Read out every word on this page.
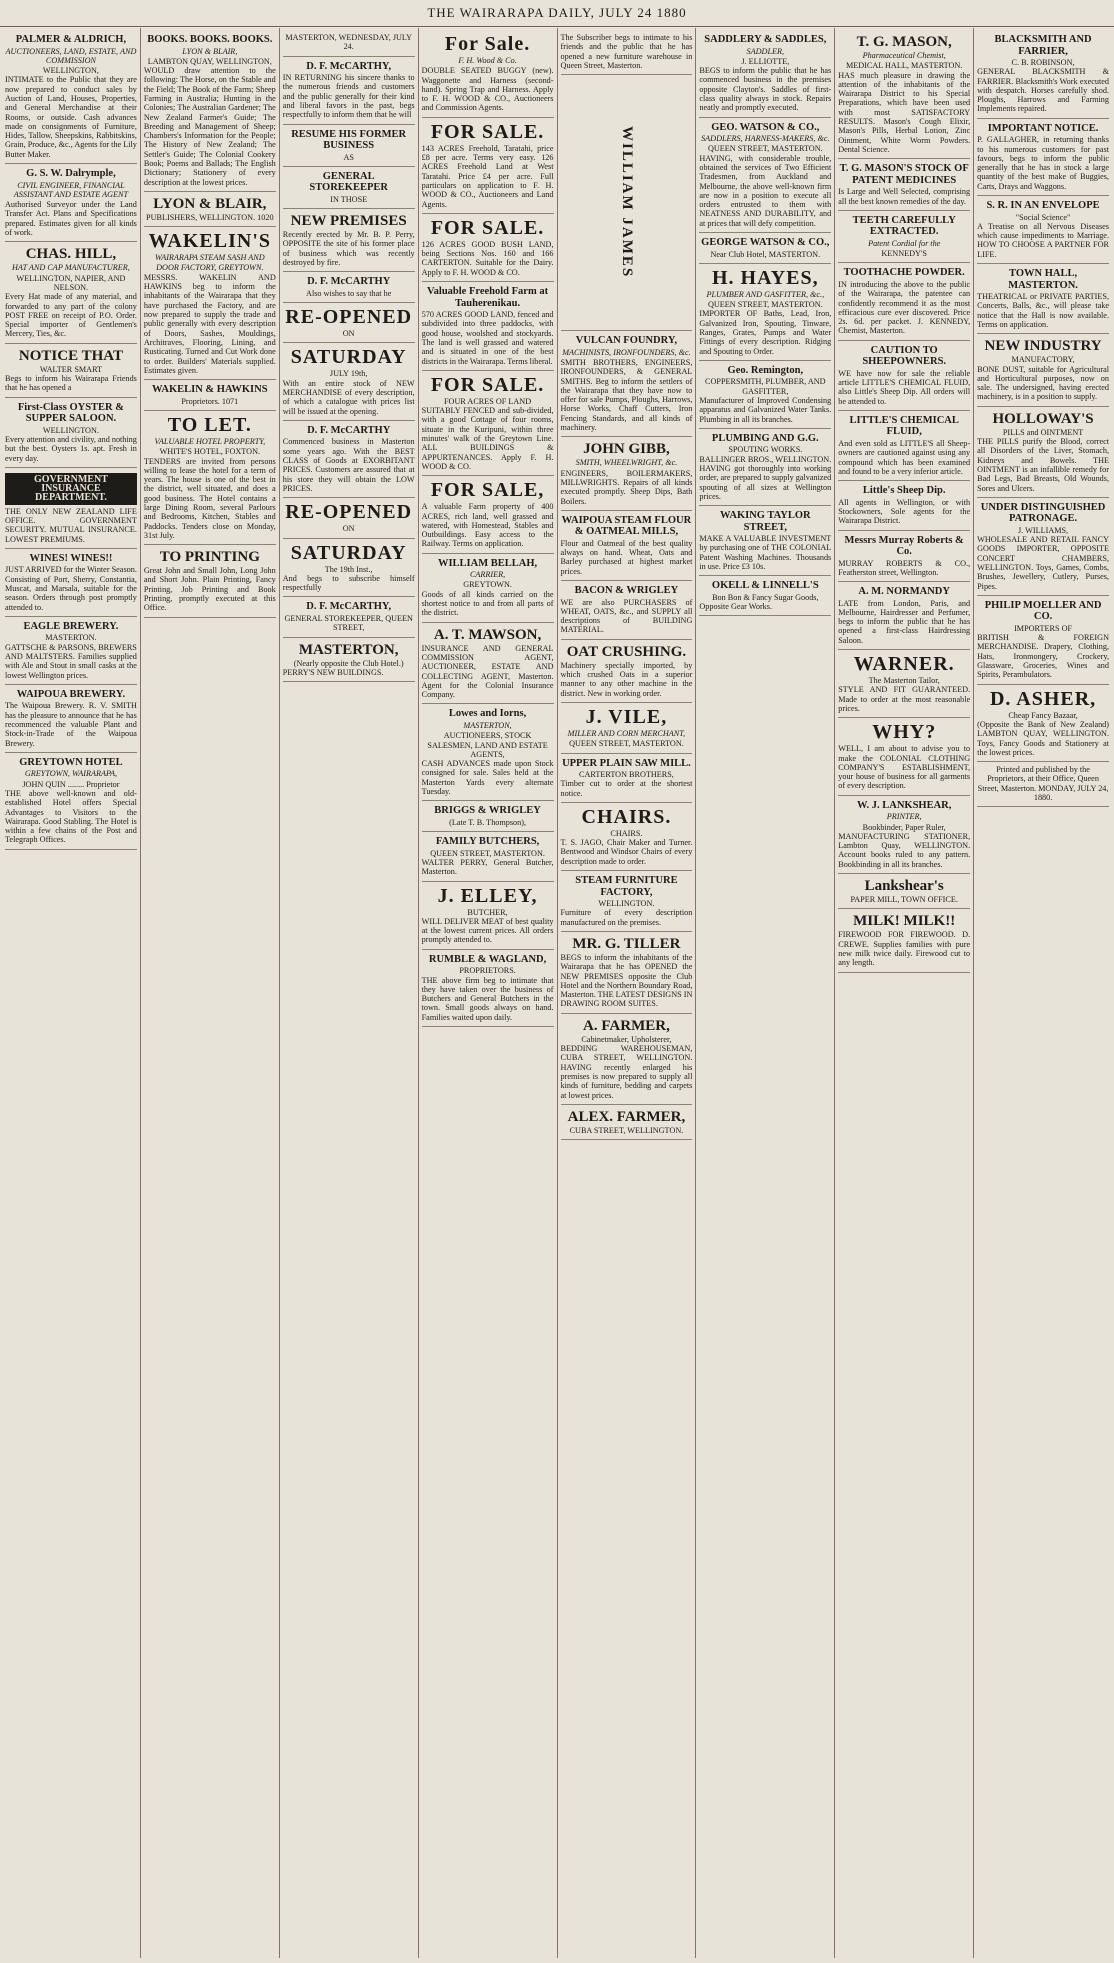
THE WAIRARAPA DAILY, JULY 24 1880
PALMER & ALDRICH,
AUCTIONEERS, LAND, ESTATE, AND COMMISSION
WELLINGTON,
INTIMATE to the Public that they are now prepared to conduct sales by Auction of Land, Houses, Properties, and General Merchandise at their Rooms, or outside. Cash advances made on consignments of Furniture, Hides, Tallow, Sheepskins, Rabbitskins, Grain, Produce, &c., Agents for the Lily Butter Maker.
G. S. W. Dalrymple,
CIVIL ENGINEER, FINANCIAL ASSISTANT AND ESTATE AGENT
Authorised Surveyor under the Land Transfer Act. Plans and Specifications prepared. Estimates given for all kinds of work.
CHAS. HILL,
HAT AND CAP MANUFACTURER,
WELLINGTON, NAPIER, AND NELSON.
Every Hat made of any material, and forwarded to any part of the colony POST FREE on receipt of P.O. Order. Special importer of Gentlemen's Mercery, Ties, &c.
NOTICE THAT
WALTER SMART
Begs to inform his Wairarapa Friends that he has opened a
First-Class OYSTER & SUPPER SALOON.
WELLINGTON.
Every attention and civility, and nothing but the best. Oysters 1s. apt. Fresh in every day.
GOVERNMENT INSURANCE DEPARTMENT.
THE ONLY NEW ZEALAND LIFE OFFICE. GOVERNMENT SECURITY. MUTUAL INSURANCE. LOWEST PREMIUMS.
WINES! WINES!!
JUST ARRIVED for the Winter Season. Consisting of Port, Sherry, Constantia, Muscat, and Marsala, suitable for the season. Orders through post promptly attended to.
EAGLE BREWERY.
MASTERTON.
GATTSCHE & PARSONS, BREWERS AND MALTSTERS. Families supplied with Ale and Stout in small casks at the lowest Wellington prices.
WAIPOUA BREWERY.
The Waipoua Brewery. R. V. SMITH has the pleasure to announce that he has recommenced the valuable Plant and Stock-in-Trade of the Waipoua Brewery.
GREYTOWN HOTEL
GREYTOWN, WAIRARAPA,
JOHN QUIN ........ Proprietor
THE above well-known and old-established Hotel offers Special Advantages to Visitors to the Wairarapa. Good Stabling. The Hotel is within a few chains of the Post and Telegraph Offices.
BOOKS. BOOKS. BOOKS.
LYON & BLAIR,
LAMBTON QUAY, WELLINGTON,
WOULD draw attention to the following: The Horse, on the Stable and the Field; The Book of the Farm; Sheep Farming in Australia; Hunting in the Colonies; The Australian Gardener; The New Zealand Farmer's Guide; The Breeding and Management of Sheep; Chambers's Information for the People; The History of New Zealand; The Settler's Guide; The Colonial Cookery Book; Poems and Ballads; The English Dictionary; Stationery of every description at the lowest prices.
LYON & BLAIR,
PUBLISHERS, WELLINGTON. 1020
WAKELIN'S
WAIRARAPA STEAM SASH AND DOOR FACTORY, GREYTOWN.
MESSRS. WAKELIN AND HAWKINS beg to inform the inhabitants of the Wairarapa that they have purchased the Factory, and are now prepared to supply the trade and public generally with every description of Doors, Sashes, Mouldings, Architraves, Flooring, Lining, and Rusticating. Turned and Cut Work done to order. Builders' Materials supplied. Estimates given.
WAKELIN & HAWKINS
Proprietors. 1071
TO LET.
VALUABLE HOTEL PROPERTY,
WHITE'S HOTEL, FOXTON.
TENDERS are invited from persons willing to lease the hotel for a term of years. The house is one of the best in the district, well situated, and does a good business. The Hotel contains a large Dining Room, several Parlours and Bedrooms, Kitchen, Stables and Paddocks. Tenders close on Monday, 31st July.
TO PRINTING
Great John and Small John, Long John and Short John. Plain Printing, Fancy Printing, Job Printing and Book Printing, promptly executed at this Office.
MASTERTON, WEDNESDAY, JULY 24.
D. F. McCARTHY,
IN RETURNING his sincere thanks to the numerous friends and customers and the public generally for their kind and liberal favors in the past, begs respectfully to inform them that he will
RESUME HIS FORMER BUSINESS
AS
GENERAL STOREKEEPER
IN THOSE
NEW PREMISES
Recently erected by Mr. B. P. Perry, OPPOSITE the site of his former place of business which was recently destroyed by fire.
D. F. McCARTHY
Also wishes to say that he
RE-OPENED
ON
SATURDAY
JULY 19th,
With an entire stock of NEW MERCHANDISE of every description, of which a catalogue with prices list will be issued at the opening.
D. F. McCARTHY
Commenced business in Masterton some years ago. With the BEST CLASS of Goods at EXORBITANT PRICES. Customers are assured that at his store they will obtain the LOW PRICES.
RE-OPENED
ON
SATURDAY
The 19th Inst.,
And begs to subscribe himself respectfully
D. F. McCARTHY,
GENERAL STOREKEEPER, QUEEN STREET,
MASTERTON,
(Nearly opposite the Club Hotel.)
PERRY'S NEW BUILDINGS.
For Sale.
F. H. Wood & Co.
DOUBLE SEATED BUGGY (new). Waggonette and Harness (second-hand). Spring Trap and Harness. Apply to F. H. WOOD & CO., Auctioneers and Commission Agents.
FOR SALE.
143 ACRES Freehold, Taratahi, price £8 per acre. Terms very easy. 126 ACRES Freehold Land at West Taratahi. Price £4 per acre. Full particulars on application to F. H. WOOD & CO., Auctioneers and Land Agents.
FOR SALE.
126 ACRES GOOD BUSH LAND, being Sections Nos. 160 and 166 CARTERTON. Suitable for the Dairy. Apply to F. H. WOOD & CO.
Valuable Freehold Farm at Tauherenikau.
570 ACRES GOOD LAND, fenced and subdivided into three paddocks, with good house, woolshed and stockyards. The land is well grassed and watered and is situated in one of the best districts in the Wairarapa. Terms liberal.
FOR SALE.
FOUR ACRES OF LAND
SUITABLY FENCED and sub-divided, with a good Cottage of four rooms, situate in the Kuripuni, within three minutes' walk of the Greytown Line. ALL BUILDINGS & APPURTENANCES. Apply F. H. WOOD & CO.
FOR SALE,
A valuable Farm property of 400 ACRES, rich land, well grassed and watered, with Homestead, Stables and Outbuildings. Easy access to the Railway. Terms on application.
WILLIAM BELLAH,
CARRIER,
GREYTOWN.
Goods of all kinds carried on the shortest notice to and from all parts of the district.
A. T. MAWSON,
INSURANCE AND GENERAL COMMISSION AGENT, AUCTIONEER, ESTATE AND COLLECTING AGENT, Masterton. Agent for the Colonial Insurance Company.
Lowes and Iorns,
MASTERTON,
AUCTIONEERS, STOCK SALESMEN, LAND AND ESTATE AGENTS,
CASH ADVANCES made upon Stock consigned for sale. Sales held at the Masterton Yards every alternate Tuesday.
BRIGGS & WRIGLEY
(Late T. B. Thompson),
FAMILY BUTCHERS,
QUEEN STREET, MASTERTON.
WALTER PERRY, General Butcher, Masterton.
J. ELLEY,
BUTCHER,
WILL DELIVER MEAT of best quality at the lowest current prices. All orders promptly attended to.
RUMBLE & WAGLAND,
PROPRIETORS.
THE above firm beg to intimate that they have taken over the business of Butchers and General Butchers in the town. Small goods always on hand. Families waited upon daily.
The Subscriber begs to intimate to his friends and the public that he has opened a new furniture warehouse in Queen Street, Masterton.
WILLIAM JAMES
VULCAN FOUNDRY,
MACHINISTS, IRONFOUNDERS, &c.
SMITH BROTHERS, ENGINEERS, IRONFOUNDERS, & GENERAL SMITHS. Beg to inform the settlers of the Wairarapa that they have now to offer for sale Pumps, Ploughs, Harrows, Horse Works, Chaff Cutters, Iron Fencing Standards, and all kinds of machinery.
JOHN GIBB,
SMITH, WHEELWRIGHT, &c.
ENGINEERS, BOILERMAKERS, MILLWRIGHTS. Repairs of all kinds executed promptly. Sheep Dips, Bath Boilers.
WAIPOUA STEAM FLOUR & OATMEAL MILLS,
Flour and Oatmeal of the best quality always on hand. Wheat, Oats and Barley purchased at highest market prices.
BACON & WRIGLEY
WE are also PURCHASERS of WHEAT, OATS, &c., and SUPPLY all descriptions of BUILDING MATERIAL.
OAT CRUSHING.
Machinery specially imported, by which crushed Oats in a superior manner to any other machine in the district. New in working order.
J. VILE,
MILLER AND CORN MERCHANT,
QUEEN STREET, MASTERTON.
UPPER PLAIN SAW MILL.
CARTERTON BROTHERS,
Timber cut to order at the shortest notice.
CHAIRS.
CHAIRS.
T. S. JAGO, Chair Maker and Turner. Bentwood and Windsor Chairs of every description made to order.
STEAM FURNITURE FACTORY,
WELLINGTON.
Furniture of every description manufactured on the premises.
MR. G. TILLER
BEGS to inform the inhabitants of the Wairarapa that he has OPENED the NEW PREMISES opposite the Club Hotel and the Northern Boundary Road, Masterton. THE LATEST DESIGNS IN DRAWING ROOM SUITES.
A. FARMER,
Cabinetmaker, Upholsterer,
BEDDING WAREHOUSEMAN, CUBA STREET, WELLINGTON. HAVING recently enlarged his premises is now prepared to supply all kinds of furniture, bedding and carpets at lowest prices.
ALEX. FARMER,
CUBA STREET, WELLINGTON.
SADDLERY & SADDLES,
SADDLER,
J. ELLIOTTE,
BEGS to inform the public that he has commenced business in the premises opposite Clayton's. Saddles of first-class quality always in stock. Repairs neatly and promptly executed.
GEO. WATSON & CO.,
SADDLERS, HARNESS-MAKERS, &c.
QUEEN STREET, MASTERTON.
HAVING, with considerable trouble, obtained the services of Two Efficient Tradesmen, from Auckland and Melbourne, the above well-known firm are now in a position to execute all orders entrusted to them with NEATNESS AND DURABILITY, and at prices that will defy competition.
GEORGE WATSON & CO.,
Near Club Hotel, MASTERTON.
H. HAYES,
PLUMBER AND GASFITTER, &c.,
QUEEN STREET, MASTERTON.
IMPORTER OF Baths, Lead, Iron, Galvanized Iron, Spouting, Tinware, Ranges, Grates, Pumps and Water Fittings of every description. Ridging and Spouting to Order.
Geo. Remington,
COPPERSMITH, PLUMBER, AND GASFITTER,
Manufacturer of Improved Condensing apparatus and Galvanized Water Tanks. Plumbing in all its branches.
PLUMBING AND G.G.
SPOUTING WORKS.
BALLINGER BROS., WELLINGTON. HAVING got thoroughly into working order, are prepared to supply galvanized spouting of all sizes at Wellington prices.
WAKING TAYLOR STREET,
MAKE A VALUABLE INVESTMENT by purchasing one of THE COLONIAL Patent Washing Machines. Thousands in use. Price £3 10s.
OKELL & LINNELL'S
Bon Bon & Fancy Sugar Goods,
Opposite Gear Works.
T. G. MASON,
Pharmaceutical Chemist,
MEDICAL HALL, MASTERTON.
HAS much pleasure in drawing the attention of the inhabitants of the Wairarapa District to his Special Preparations, which have been used with most SATISFACTORY RESULTS. Mason's Cough Elixir, Mason's Pills, Herbal Lotion, Zinc Ointment, White Worm Powders. Dental Science.
T. G. MASON'S STOCK OF PATENT MEDICINES
Is Large and Well Selected, comprising all the best known remedies of the day.
TEETH CAREFULLY EXTRACTED.
Patent Cordial for the
KENNEDY'S
TOOTHACHE POWDER.
IN introducing the above to the public of the Wairarapa, the patentee can confidently recommend it as the most efficacious cure ever discovered. Price 2s. 6d. per packet. J. KENNEDY, Chemist, Masterton.
CAUTION TO SHEEPOWNERS.
WE have now for sale the reliable article LITTLE'S CHEMICAL FLUID, also Little's Sheep Dip. All orders will be attended to.
LITTLE'S CHEMICAL FLUID,
And even sold as LITTLE'S all Sheep-owners are cautioned against using any compound which has been examined and found to be a very inferior article.
Little's Sheep Dip.
All agents in Wellington, or with Stockowners, Sole agents for the Wairarapa District.
Messrs Murray Roberts & Co.
MURRAY ROBERTS & CO., Featherston street, Wellington.
A. M. NORMANDY
LATE from London, Paris, and Melbourne, Hairdresser and Perfumer, begs to inform the public that he has opened a first-class Hairdressing Saloon.
WARNER.
The Masterton Tailor,
STYLE AND FIT GUARANTEED. Made to order at the most reasonable prices.
WHY?
WELL, I am about to advise you to make the COLONIAL CLOTHING COMPANY'S ESTABLISHMENT, your house of business for all garments of every description.
W. J. LANKSHEAR,
PRINTER,
Bookbinder, Paper Ruler,
MANUFACTURING STATIONER, Lambton Quay, WELLINGTON. Account books ruled to any pattern. Bookbinding in all its branches.
Lankshear's
PAPER MILL, TOWN OFFICE.
MILK! MILK!!
FIREWOOD FOR FIREWOOD. D. CREWE. Supplies families with pure new milk twice daily. Firewood cut to any length.
BLACKSMITH AND FARRIER,
C. B. ROBINSON,
GENERAL BLACKSMITH & FARRIER. Blacksmith's Work executed with despatch. Horses carefully shod. Ploughs, Harrows and Farming Implements repaired.
IMPORTANT NOTICE.
P. GALLAGHER, in returning thanks to his numerous customers for past favours, begs to inform the public generally that he has in stock a large quantity of the best make of Buggies, Carts, Drays and Waggons.
S. R. IN AN ENVELOPE
"Social Science"
A Treatise on all Nervous Diseases which cause impediments to Marriage. HOW TO CHOOSE A PARTNER FOR LIFE.
TOWN HALL, MASTERTON.
THEATRICAL or PRIVATE PARTIES, Concerts, Balls, &c., will please take notice that the Hall is now available. Terms on application.
NEW INDUSTRY
MANUFACTORY,
BONE DUST, suitable for Agricultural and Horticultural purposes, now on sale. The undersigned, having erected machinery, is in a position to supply.
HOLLOWAY'S
PILLS and OINTMENT
THE PILLS purify the Blood, correct all Disorders of the Liver, Stomach, Kidneys and Bowels. THE OINTMENT is an infallible remedy for Bad Legs, Bad Breasts, Old Wounds, Sores and Ulcers.
UNDER DISTINGUISHED PATRONAGE.
J. WILLIAMS,
WHOLESALE AND RETAIL FANCY GOODS IMPORTER, OPPOSITE CONCERT CHAMBERS, WELLINGTON. Toys, Games, Combs, Brushes, Jewellery, Cutlery, Purses, Pipes.
PHILIP MOELLER AND CO.
IMPORTERS OF
BRITISH & FOREIGN MERCHANDISE. Drapery, Clothing, Hats, Ironmongery, Crockery, Glassware, Groceries, Wines and Spirits, Perambulators.
D. ASHER,
Cheap Fancy Bazaar,
(Opposite the Bank of New Zealand) LAMBTON QUAY, WELLINGTON. Toys, Fancy Goods and Stationery at the lowest prices.
Printed and published by the Proprietors, at their Office, Queen Street, Masterton. MONDAY, JULY 24, 1880.
